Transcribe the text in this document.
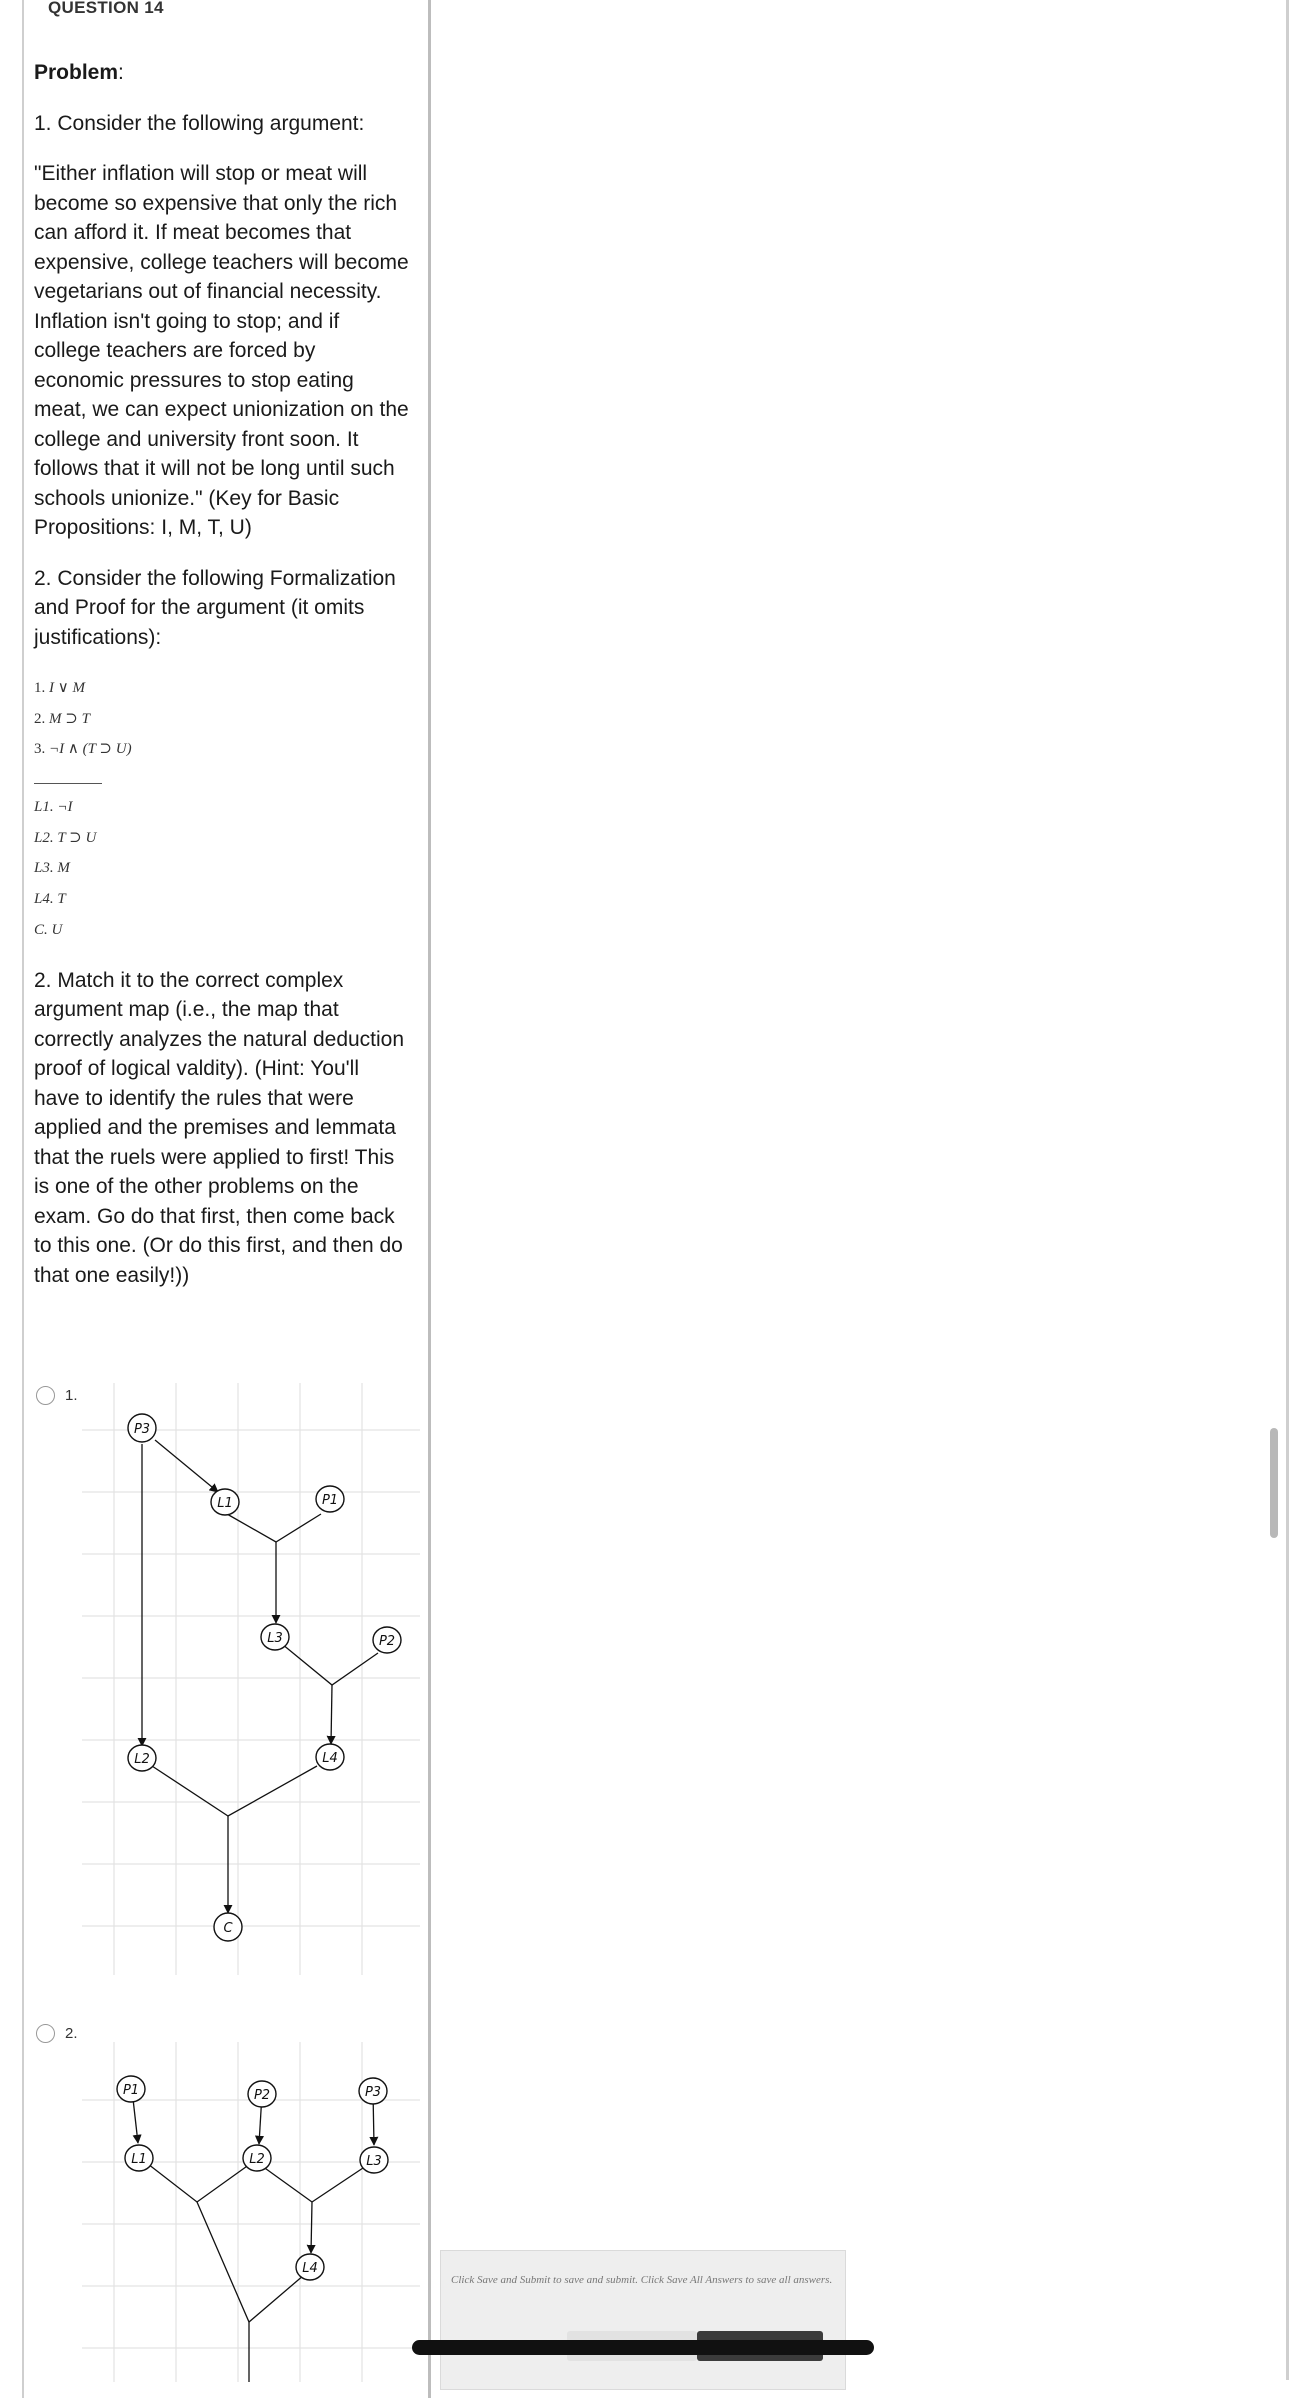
QUESTION 14

Problem:

1. Consider the following argument:

"Either inflation will stop or meat will become so expensive that only the rich can afford it. If meat becomes that expensive, college teachers will become vegetarians out of financial necessity. Inflation isn't going to stop; and if college teachers are forced by economic pressures to stop eating meat, we can expect unionization on the college and university front soon. It follows that it will not be long until such schools unionize." (Key for Basic Propositions: I, M, T, U)

2. Consider the following Formalization and Proof for the argument (it omits justifications):

1. I ∨ M
2. M ⊃ T
3. ¬I ∧ (T ⊃ U)
L1. ¬I
L2. T ⊃ U
L3. M
L4. T
C. U

2. Match it to the correct complex argument map (i.e., the map that correctly analyzes the natural deduction proof of logical valdity). (Hint: You'll have to identify the rules that were applied and the premises and lemmata that the ruels were applied to first! This is one of the other problems on the exam. Go do that first, then come back to this one. (Or do this first, and then do that one easily!))

1.
P3
L1	P1
L3	P2
L2	L4
C
2.
P1	P2	P3
L1	L2	L3
L4
Click Save and Submit to save and submit. Click Save All Answers to save all answers.
